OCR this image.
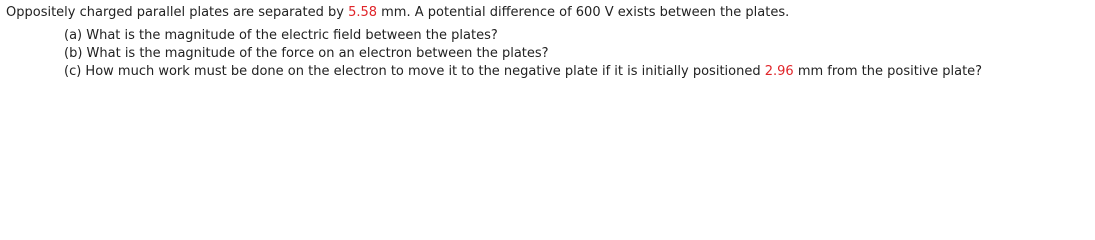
Oppositely charged parallel plates are separated by 5.58 mm. A potential difference of 600 V exists between the plates.
(a) What is the magnitude of the electric field between the plates?
(b) What is the magnitude of the force on an electron between the plates?
(c) How much work must be done on the electron to move it to the negative plate if it is initially positioned 2.96 mm from the positive plate?
